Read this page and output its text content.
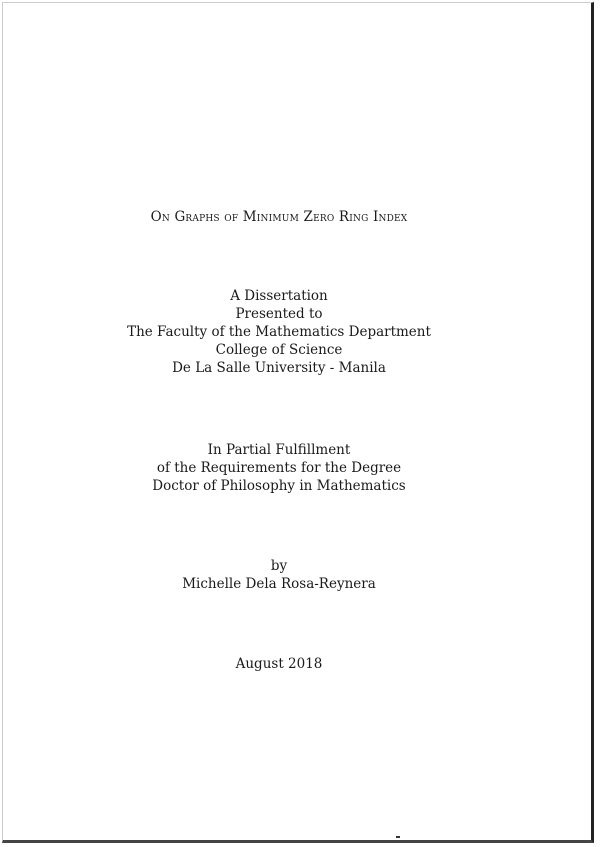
On Graphs of Minimum Zero Ring Index
A Dissertation
Presented to
The Faculty of the Mathematics Department
College of Science
De La Salle University - Manila
In Partial Fulfillment
of the Requirements for the Degree
Doctor of Philosophy in Mathematics
by
Michelle Dela Rosa-Reynera
August 2018
